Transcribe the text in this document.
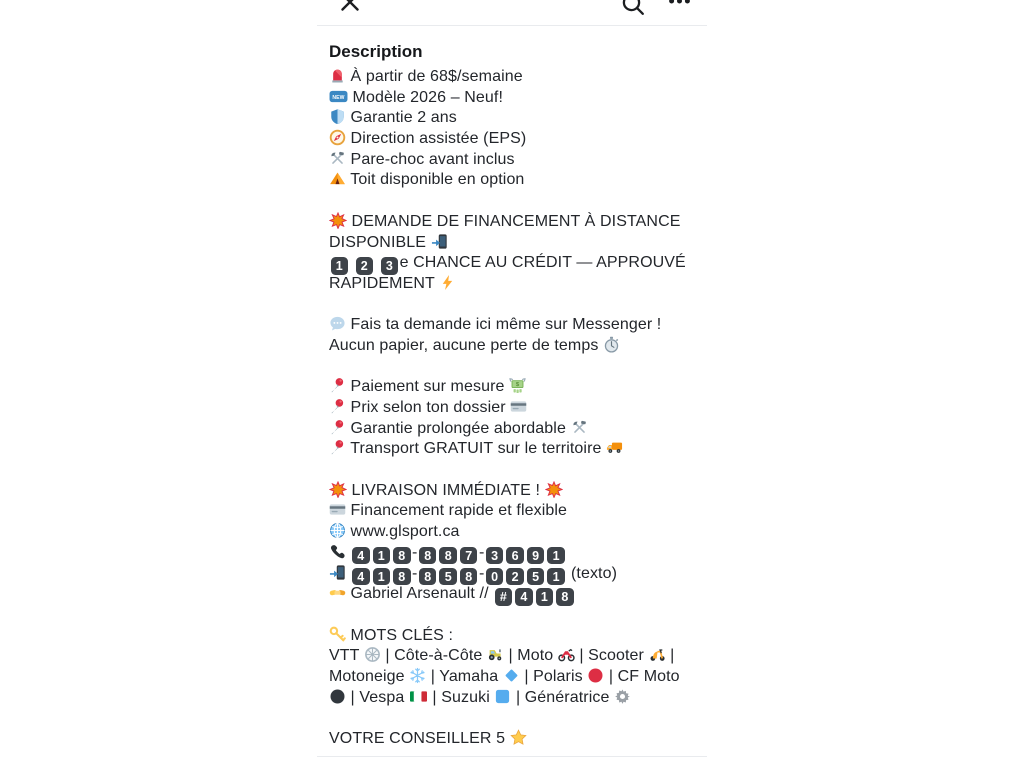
Description
À partir de 68$/semaine
NEW Modèle 2026 – Neuf!
Garantie 2 ans
Direction assistée (EPS)
Pare-choc avant inclus
Toit disponible en option
DEMANDE DE FINANCEMENT À DISTANCE
DISPONIBLE
1 2 3 e CHANCE AU CRÉDIT — APPROUVÉ
RAPIDEMENT
Fais ta demande ici même sur Messenger !
Aucun papier, aucune perte de temps
Paiement sur mesure $
Prix selon ton dossier
Garantie prolongée abordable
Transport GRATUIT sur le territoire
LIVRAISON IMMÉDIATE !
Financement rapide et flexible
www.glsport.ca
4 1 8 - 8 8 7 - 3 6 9 1
4 1 8 - 8 5 8 - 0 2 5 1 (texto)
Gabriel Arsenault // # 4 1 8
MOTS CLÉS :
VTT
| Côte-à-Côte
| Moto
| Scooter
|
Motoneige
| Yamaha
| Polaris
| CF Moto
| Vespa
| Suzuki
| Génératrice
VOTRE CONSEILLER 5
